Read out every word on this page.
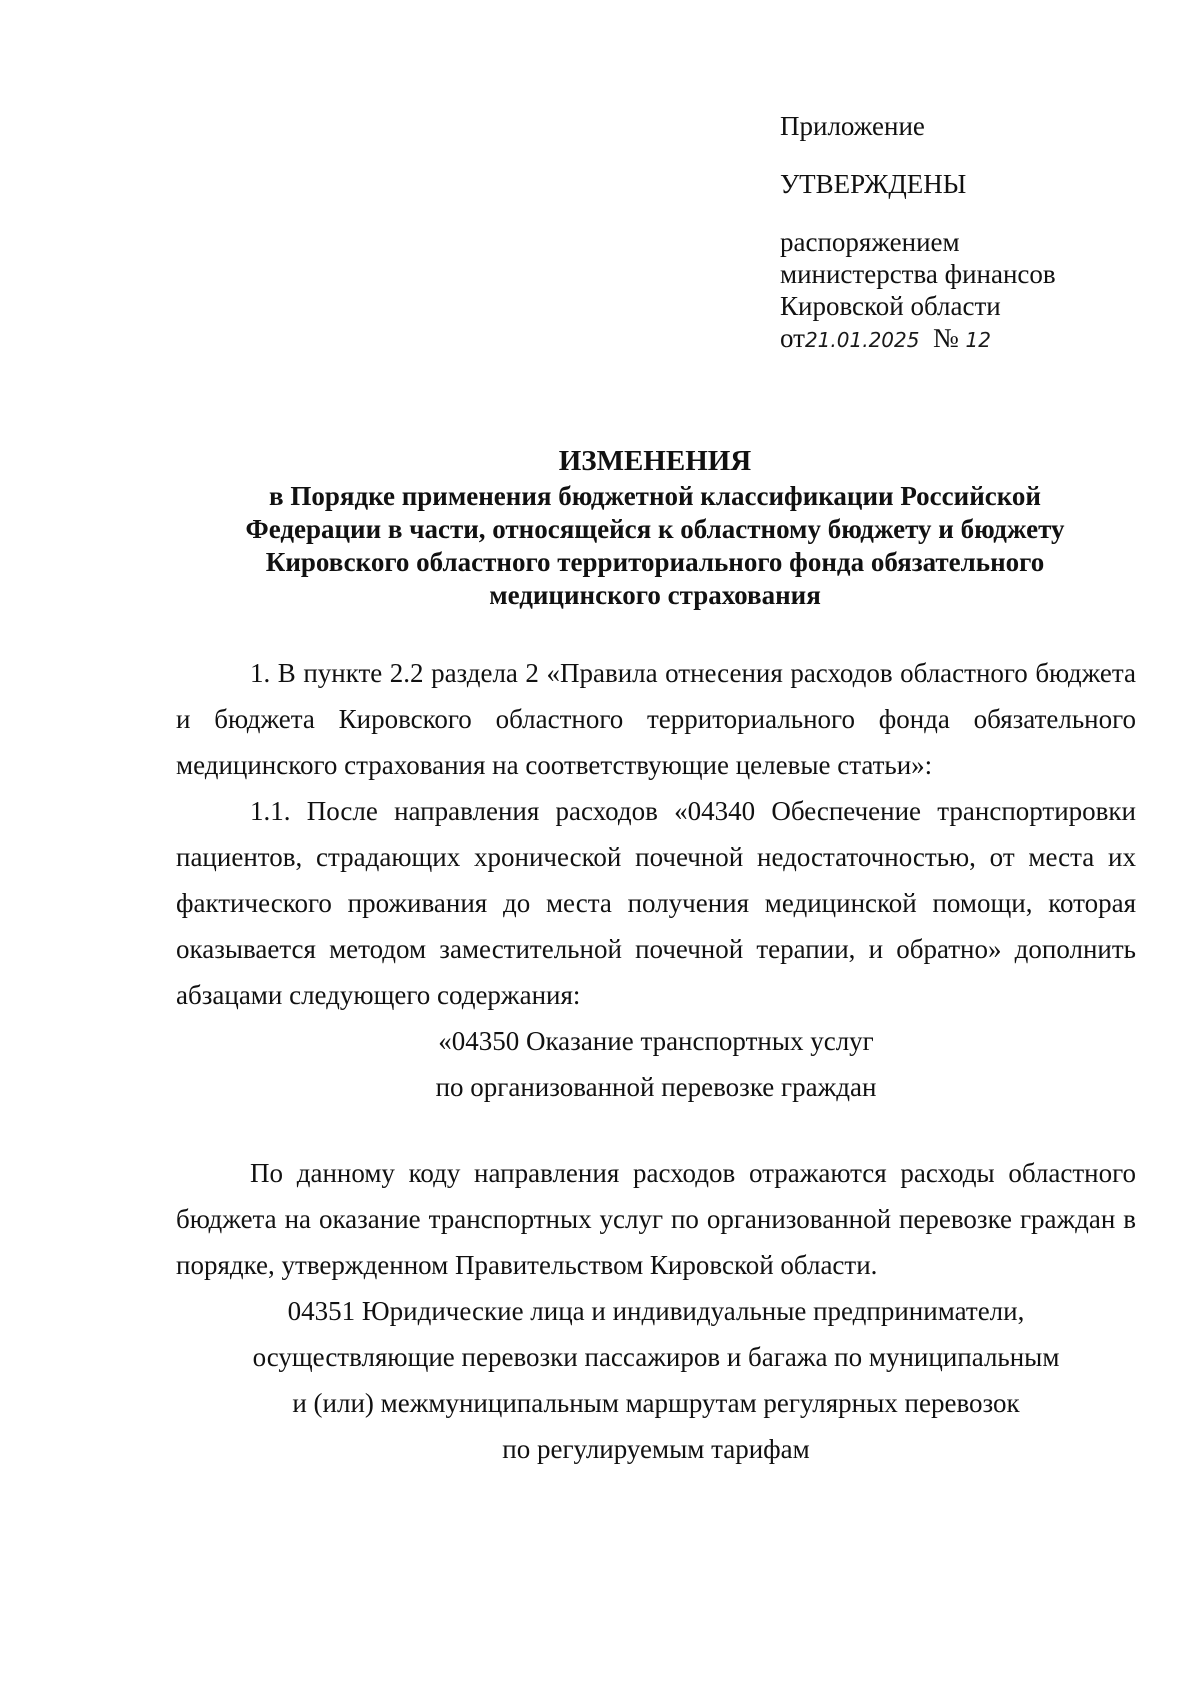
Приложение
УТВЕРЖДЕНЫ
распоряжением
министерства финансов
Кировской области
от21.01.2025 № 12
ИЗМЕНЕНИЯ
в Порядке применения бюджетной классификации Российской
Федерации в части, относящейся к областному бюджету и бюджету
Кировского областного территориального фонда обязательного
медицинского страхования

1. В пункте 2.2 раздела 2 «Правила отнесения расходов областного бюджета и бюджета Кировского областного территориального фонда обязательного медицинского страхования на соответствующие целевые статьи»:

1.1. После направления расходов «04340 Обеспечение транспортировки пациентов, страдающих хронической почечной недостаточностью, от места их фактического проживания до места получения медицинской помощи, которая оказывается методом заместительной почечной терапии, и обратно» дополнить абзацами следующего содержания:

«04350 Оказание транспортных услуг

по организованной перевозке граждан

По данному коду направления расходов отражаются расходы областного бюджета на оказание транспортных услуг по организованной перевозке граждан в порядке, утвержденном Правительством Кировской области.

04351 Юридические лица и индивидуальные предприниматели,

осуществляющие перевозки пассажиров и багажа по муниципальным

и (или) межмуниципальным маршрутам регулярных перевозок

по регулируемым тарифам
